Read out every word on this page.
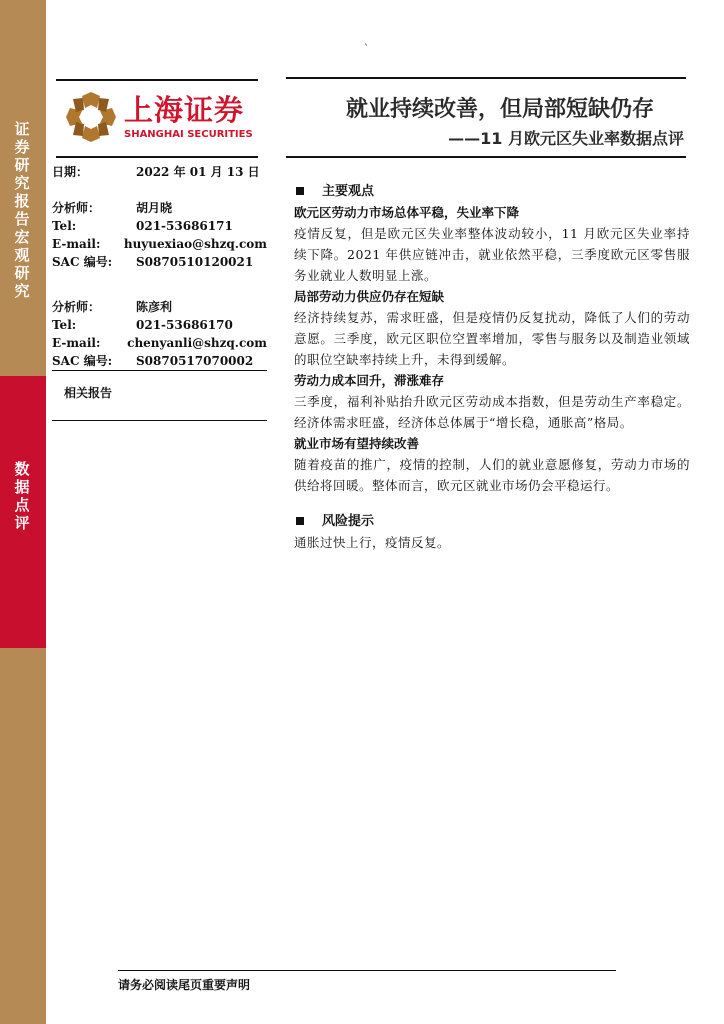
证券研究报告宏观研究
数据点评
`
上海证券
SHANGHAI SECURITIES
就业持续改善，但局部短缺仍存
——11 月欧元区失业率数据点评
日期：	2022 年 01 月 13 日
分析师：	胡月晓
Tel:	021-53686171
E-mail:	huyuexiao@shzq.com
SAC 编号:	S0870510120021
分析师：	陈彦利
Tel:	021-53686170
E-mail:	chenyanli@shzq.com
SAC 编号:	S0870517070002
相关报告
主要观点
欧元区劳动力市场总体平稳，失业率下降
疫情反复，但是欧元区失业率整体波动较小，11 月欧元区失业率持续下降。2021 年供应链冲击，就业依然平稳，三季度欧元区零售服务业就业人数明显上涨。
局部劳动力供应仍存在短缺
经济持续复苏，需求旺盛，但是疫情仍反复扰动，降低了人们的劳动意愿。三季度，欧元区职位空置率增加，零售与服务以及制造业领域的职位空缺率持续上升，未得到缓解。
劳动力成本回升，滞涨难存
三季度，福利补贴抬升欧元区劳动成本指数，但是劳动生产率稳定。经济体需求旺盛，经济体总体属于“增长稳，通胀高”格局。
就业市场有望持续改善
随着疫苗的推广，疫情的控制，人们的就业意愿修复，劳动力市场的供给将回暖。整体而言，欧元区就业市场仍会平稳运行。
风险提示
通胀过快上行，疫情反复。
请务必阅读尾页重要声明
